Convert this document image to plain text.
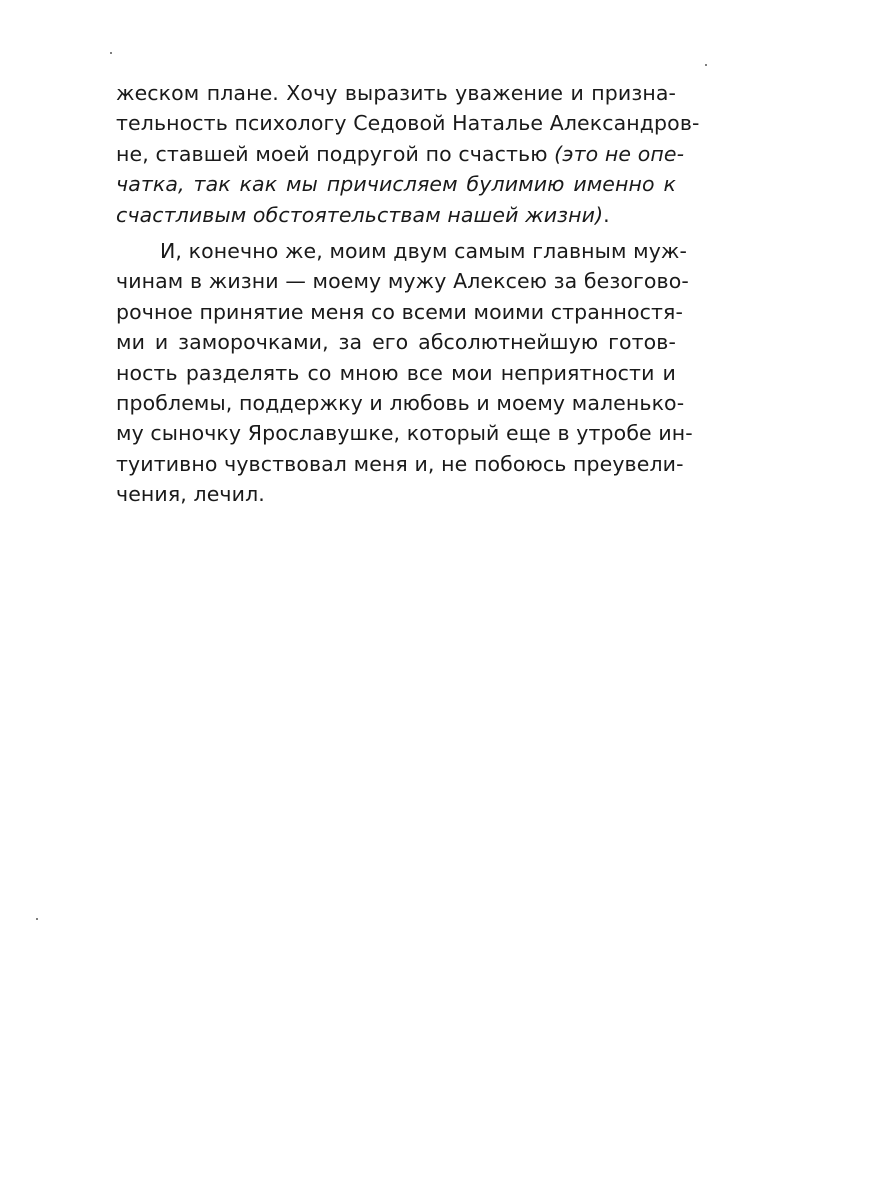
жеском плане. Хочу выразить уважение и призна-
тельность психологу Седовой Наталье Александров-
не, ставшей моей подругой по счастью (это не опе-
чатка, так как мы причисляем булимию именно к
счастливым обстоятельствам нашей жизни).
И, конечно же, моим двум самым главным муж-
чинам в жизни — моему мужу Алексею за безогово-
рочное принятие меня со всеми моими странностя-
ми и заморочками, за его абсолютнейшую готов-
ность разделять со мною все мои неприятности и
проблемы, поддержку и любовь и моему маленько-
му сыночку Ярославушке, который еще в утробе ин-
туитивно чувствовал меня и, не побоюсь преувели-
чения, лечил.
